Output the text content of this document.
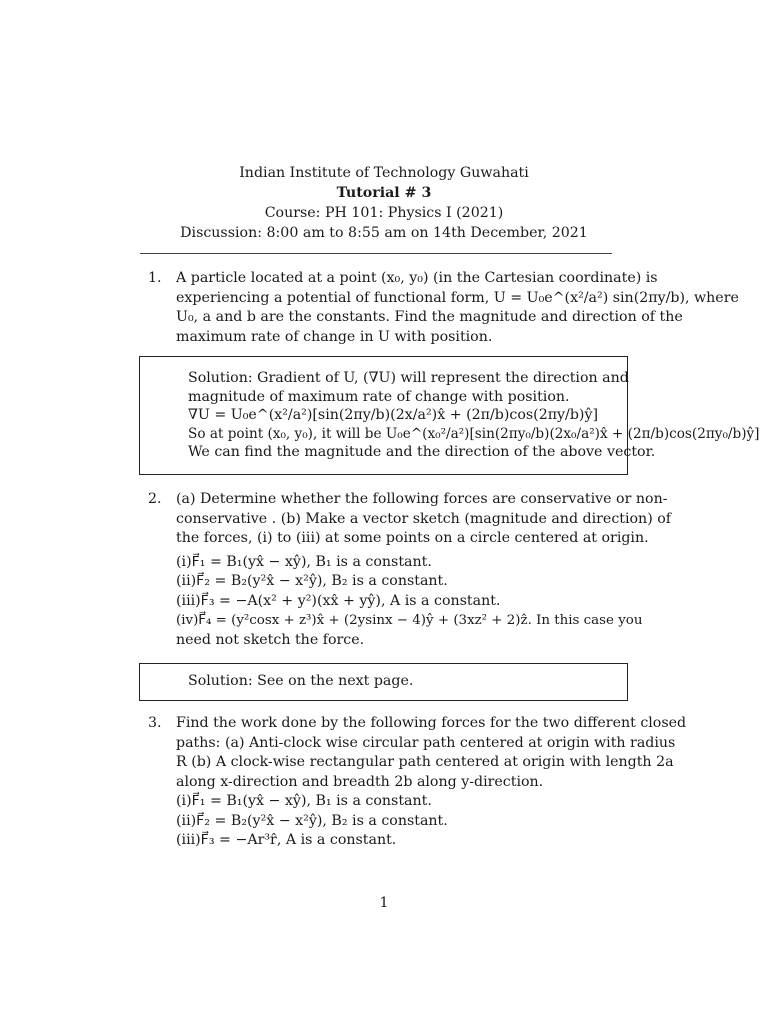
Indian Institute of Technology Guwahati
Tutorial # 3
Course: PH 101: Physics I (2021)
Discussion: 8:00 am to 8:55 am on 14th December, 2021
1.	A particle located at a point (x₀, y₀) (in the Cartesian coordinate) is
experiencing a potential of functional form, U = U₀e^(x²/a²) sin(2πy/b), where
U₀, a and b are the constants. Find the magnitude and direction of the
maximum rate of change in U with position.
Solution: Gradient of U, (∇U) will represent the direction and
magnitude of maximum rate of change with position.
∇U = U₀e^(x²/a²)[sin(2πy/b)(2x/a²)x̂ + (2π/b)cos(2πy/b)ŷ]
So at point (x₀, y₀), it will be U₀e^(x₀²/a²)[sin(2πy₀/b)(2x₀/a²)x̂ + (2π/b)cos(2πy₀/b)ŷ]
We can find the magnitude and the direction of the above vector.
2.	(a) Determine whether the following forces are conservative or non-
conservative . (b) Make a vector sketch (magnitude and direction) of
the forces, (i) to (iii) at some points on a circle centered at origin.
(i)F⃗₁ = B₁(yx̂ − xŷ), B₁ is a constant.
(ii)F⃗₂ = B₂(y²x̂ − x²ŷ), B₂ is a constant.
(iii)F⃗₃ = −A(x² + y²)(xx̂ + yŷ), A is a constant.
(iv)F⃗₄ = (y²cosx + z³)x̂ + (2ysinx − 4)ŷ + (3xz² + 2)ẑ. In this case you
need not sketch the force.
Solution: See on the next page.
3.	Find the work done by the following forces for the two different closed
paths: (a) Anti-clock wise circular path centered at origin with radius
R (b) A clock-wise rectangular path centered at origin with length 2a
along x-direction and breadth 2b along y-direction.
(i)F⃗₁ = B₁(yx̂ − xŷ), B₁ is a constant.
(ii)F⃗₂ = B₂(y²x̂ − x²ŷ), B₂ is a constant.
(iii)F⃗₃ = −Ar³r̂, A is a constant.
1
